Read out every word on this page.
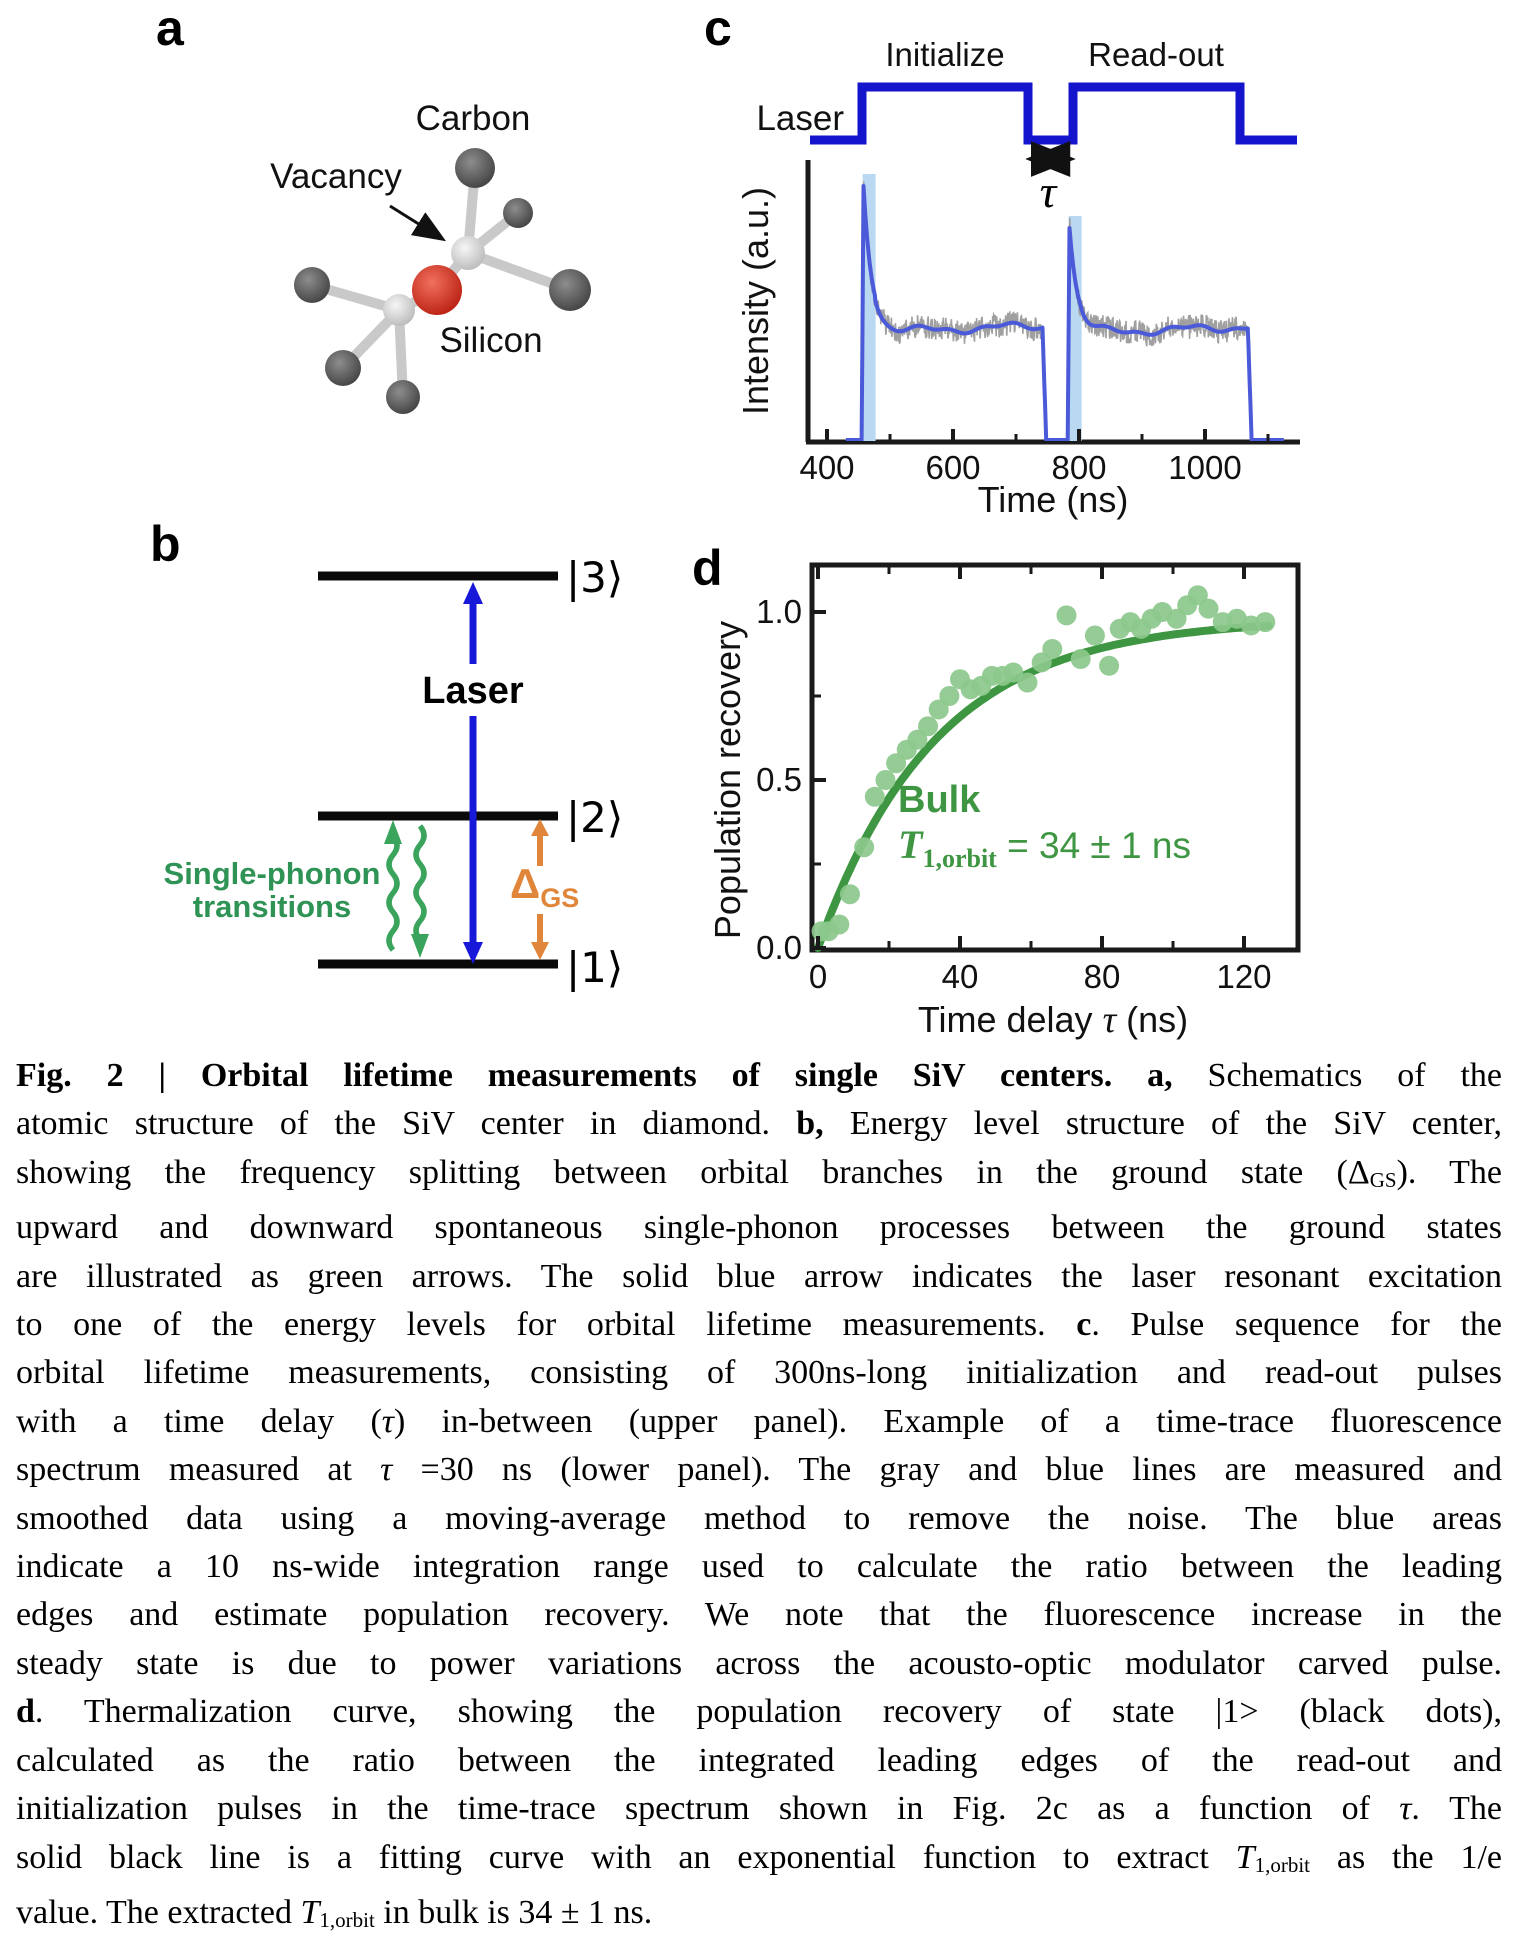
a
b
c
d
Carbon
Vacancy
Silicon
|3⟩
|2⟩
|1⟩
Laser
ΔGS
Single-phonon
transitions
Initialize	Read-out
Laser
τ
400 600 800 1000
Intensity (a.u.)
Time (ns)
0	40	80	120
0.0
0.5
1.0
Bulk
T1,orbit = 34 ± 1 ns
Population recovery
Time delay τ (ns)
Fig. 2 | Orbital lifetime measurements of single SiV centers. a, Schematics of the
atomic structure of the SiV center in diamond. b, Energy level structure of the SiV center,
showing the frequency splitting between orbital branches in the ground state (ΔGS). The
upward and downward spontaneous single-phonon processes between the ground states
are illustrated as green arrows. The solid blue arrow indicates the laser resonant excitation
to one of the energy levels for orbital lifetime measurements. c. Pulse sequence for the
orbital lifetime measurements, consisting of 300ns-long initialization and read-out pulses
with a time delay (τ) in-between (upper panel). Example of a time-trace fluorescence
spectrum measured at τ =30 ns (lower panel). The gray and blue lines are measured and
smoothed data using a moving-average method to remove the noise. The blue areas
indicate a 10 ns-wide integration range used to calculate the ratio between the leading
edges and estimate population recovery. We note that the fluorescence increase in the
steady state is due to power variations across the acousto-optic modulator carved pulse.
d. Thermalization curve, showing the population recovery of state |1> (black dots),
calculated as the ratio between the integrated leading edges of the read-out and
initialization pulses in the time-trace spectrum shown in Fig. 2c as a function of τ. The
solid black line is a fitting curve with an exponential function to extract T1,orbit as the 1/e
value. The extracted T1,orbit in bulk is 34 ± 1 ns.
